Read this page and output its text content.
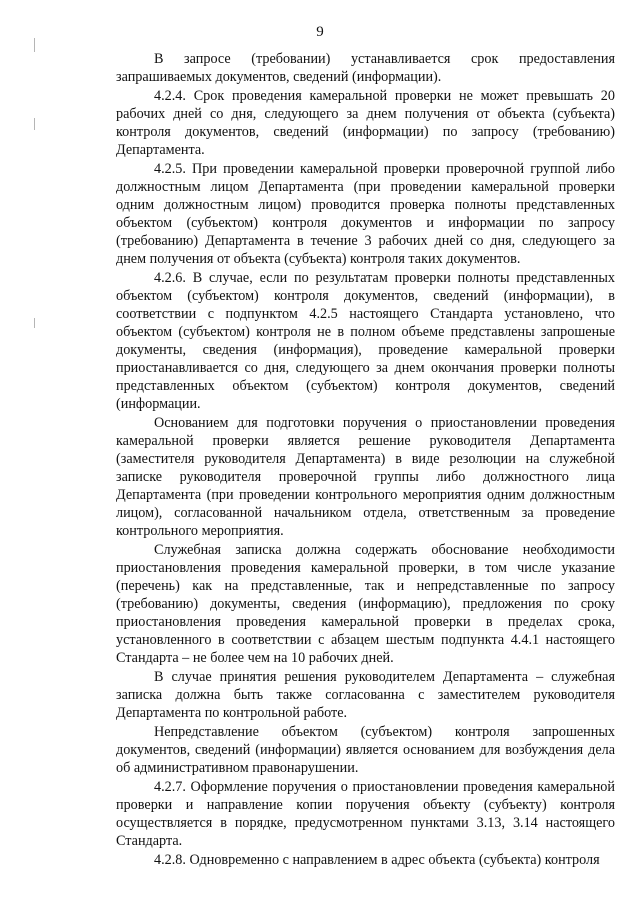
9

В запросе (требовании) устанавливается срок предоставления запрашиваемых документов, сведений (информации).

4.2.4. Срок проведения камеральной проверки не может превышать 20 рабочих дней со дня, следующего за днем получения от объекта (субъекта) контроля документов, сведений (информации) по запросу (требованию) Департамента.

4.2.5. При проведении камеральной проверки проверочной группой либо должностным лицом Департамента (при проведении камеральной проверки одним должностным лицом) проводится проверка полноты представленных объектом (субъектом) контроля документов и информации по запросу (требованию) Департамента в течение 3 рабочих дней со дня, следующего за днем получения от объекта (субъекта) контроля таких документов.

4.2.6. В случае, если по результатам проверки полноты представленных объектом (субъектом) контроля документов, сведений (информации), в соответствии с подпунктом 4.2.5 настоящего Стандарта установлено, что объектом (субъектом) контроля не в полном объеме представлены запрошеные документы, сведения (информация), проведение камеральной проверки приостанавливается со дня, следующего за днем окончания проверки полноты представленных объектом (субъектом) контроля документов, сведений (информации.

Основанием для подготовки поручения о приостановлении проведения камеральной проверки является решение руководителя Департамента (заместителя руководителя Департамента) в виде резолюции на служебной записке руководителя проверочной группы либо должностного лица Департамента (при проведении контрольного мероприятия одним должностным лицом), согласованной начальником отдела, ответственным за проведение контрольного мероприятия.

Служебная записка должна содержать обоснование необходимости приостановления проведения камеральной проверки, в том числе указание (перечень) как на представленные, так и непредставленные по запросу (требованию) документы, сведения (информацию), предложения по сроку приостановления проведения камеральной проверки в пределах срока, установленного в соответствии с абзацем шестым подпункта 4.4.1 настоящего Стандарта – не более чем на 10 рабочих дней.

В случае принятия решения руководителем Департамента – служебная записка должна быть также согласованна с заместителем руководителя Департамента по контрольной работе.

Непредставление объектом (субъектом) контроля запрошенных документов, сведений (информации) является основанием для возбуждения дела об административном правонарушении.

4.2.7. Оформление поручения о приостановлении проведения камеральной проверки и направление копии поручения объекту (субъекту) контроля осуществляется в порядке, предусмотренном пунктами 3.13, 3.14 настоящего Стандарта.

4.2.8. Одновременно с направлением в адрес объекта (субъекта) контроля
